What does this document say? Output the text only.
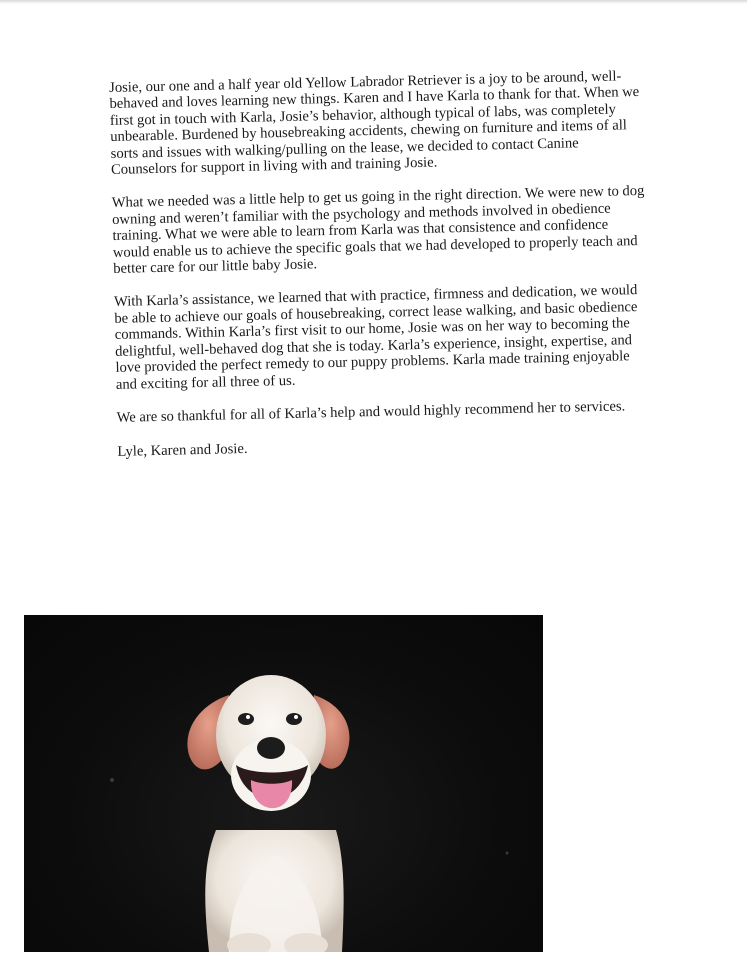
Josie, our one and a half year old Yellow Labrador Retriever is a joy to be around, well-behaved and loves learning new things. Karen and I have Karla to thank for that. When we first got in touch with Karla, Josie’s behavior, although typical of labs, was completely unbearable. Burdened by housebreaking accidents, chewing on furniture and items of all sorts and issues with walking/pulling on the lease, we decided to contact Canine Counselors for support in living with and training Josie.

What we needed was a little help to get us going in the right direction. We were new to dog owning and weren’t familiar with the psychology and methods involved in obedience training. What we were able to learn from Karla was that consistence and confidence would enable us to achieve the specific goals that we had developed to properly teach and better care for our little baby Josie.

With Karla’s assistance, we learned that with practice, firmness and dedication, we would be able to achieve our goals of housebreaking, correct lease walking, and basic obedience commands. Within Karla’s first visit to our home, Josie was on her way to becoming the delightful, well-behaved dog that she is today. Karla’s experience, insight, expertise, and love provided the perfect remedy to our puppy problems. Karla made training enjoyable and exciting for all three of us.

We are so thankful for all of Karla’s help and would highly recommend her to services.

Lyle, Karen and Josie.
